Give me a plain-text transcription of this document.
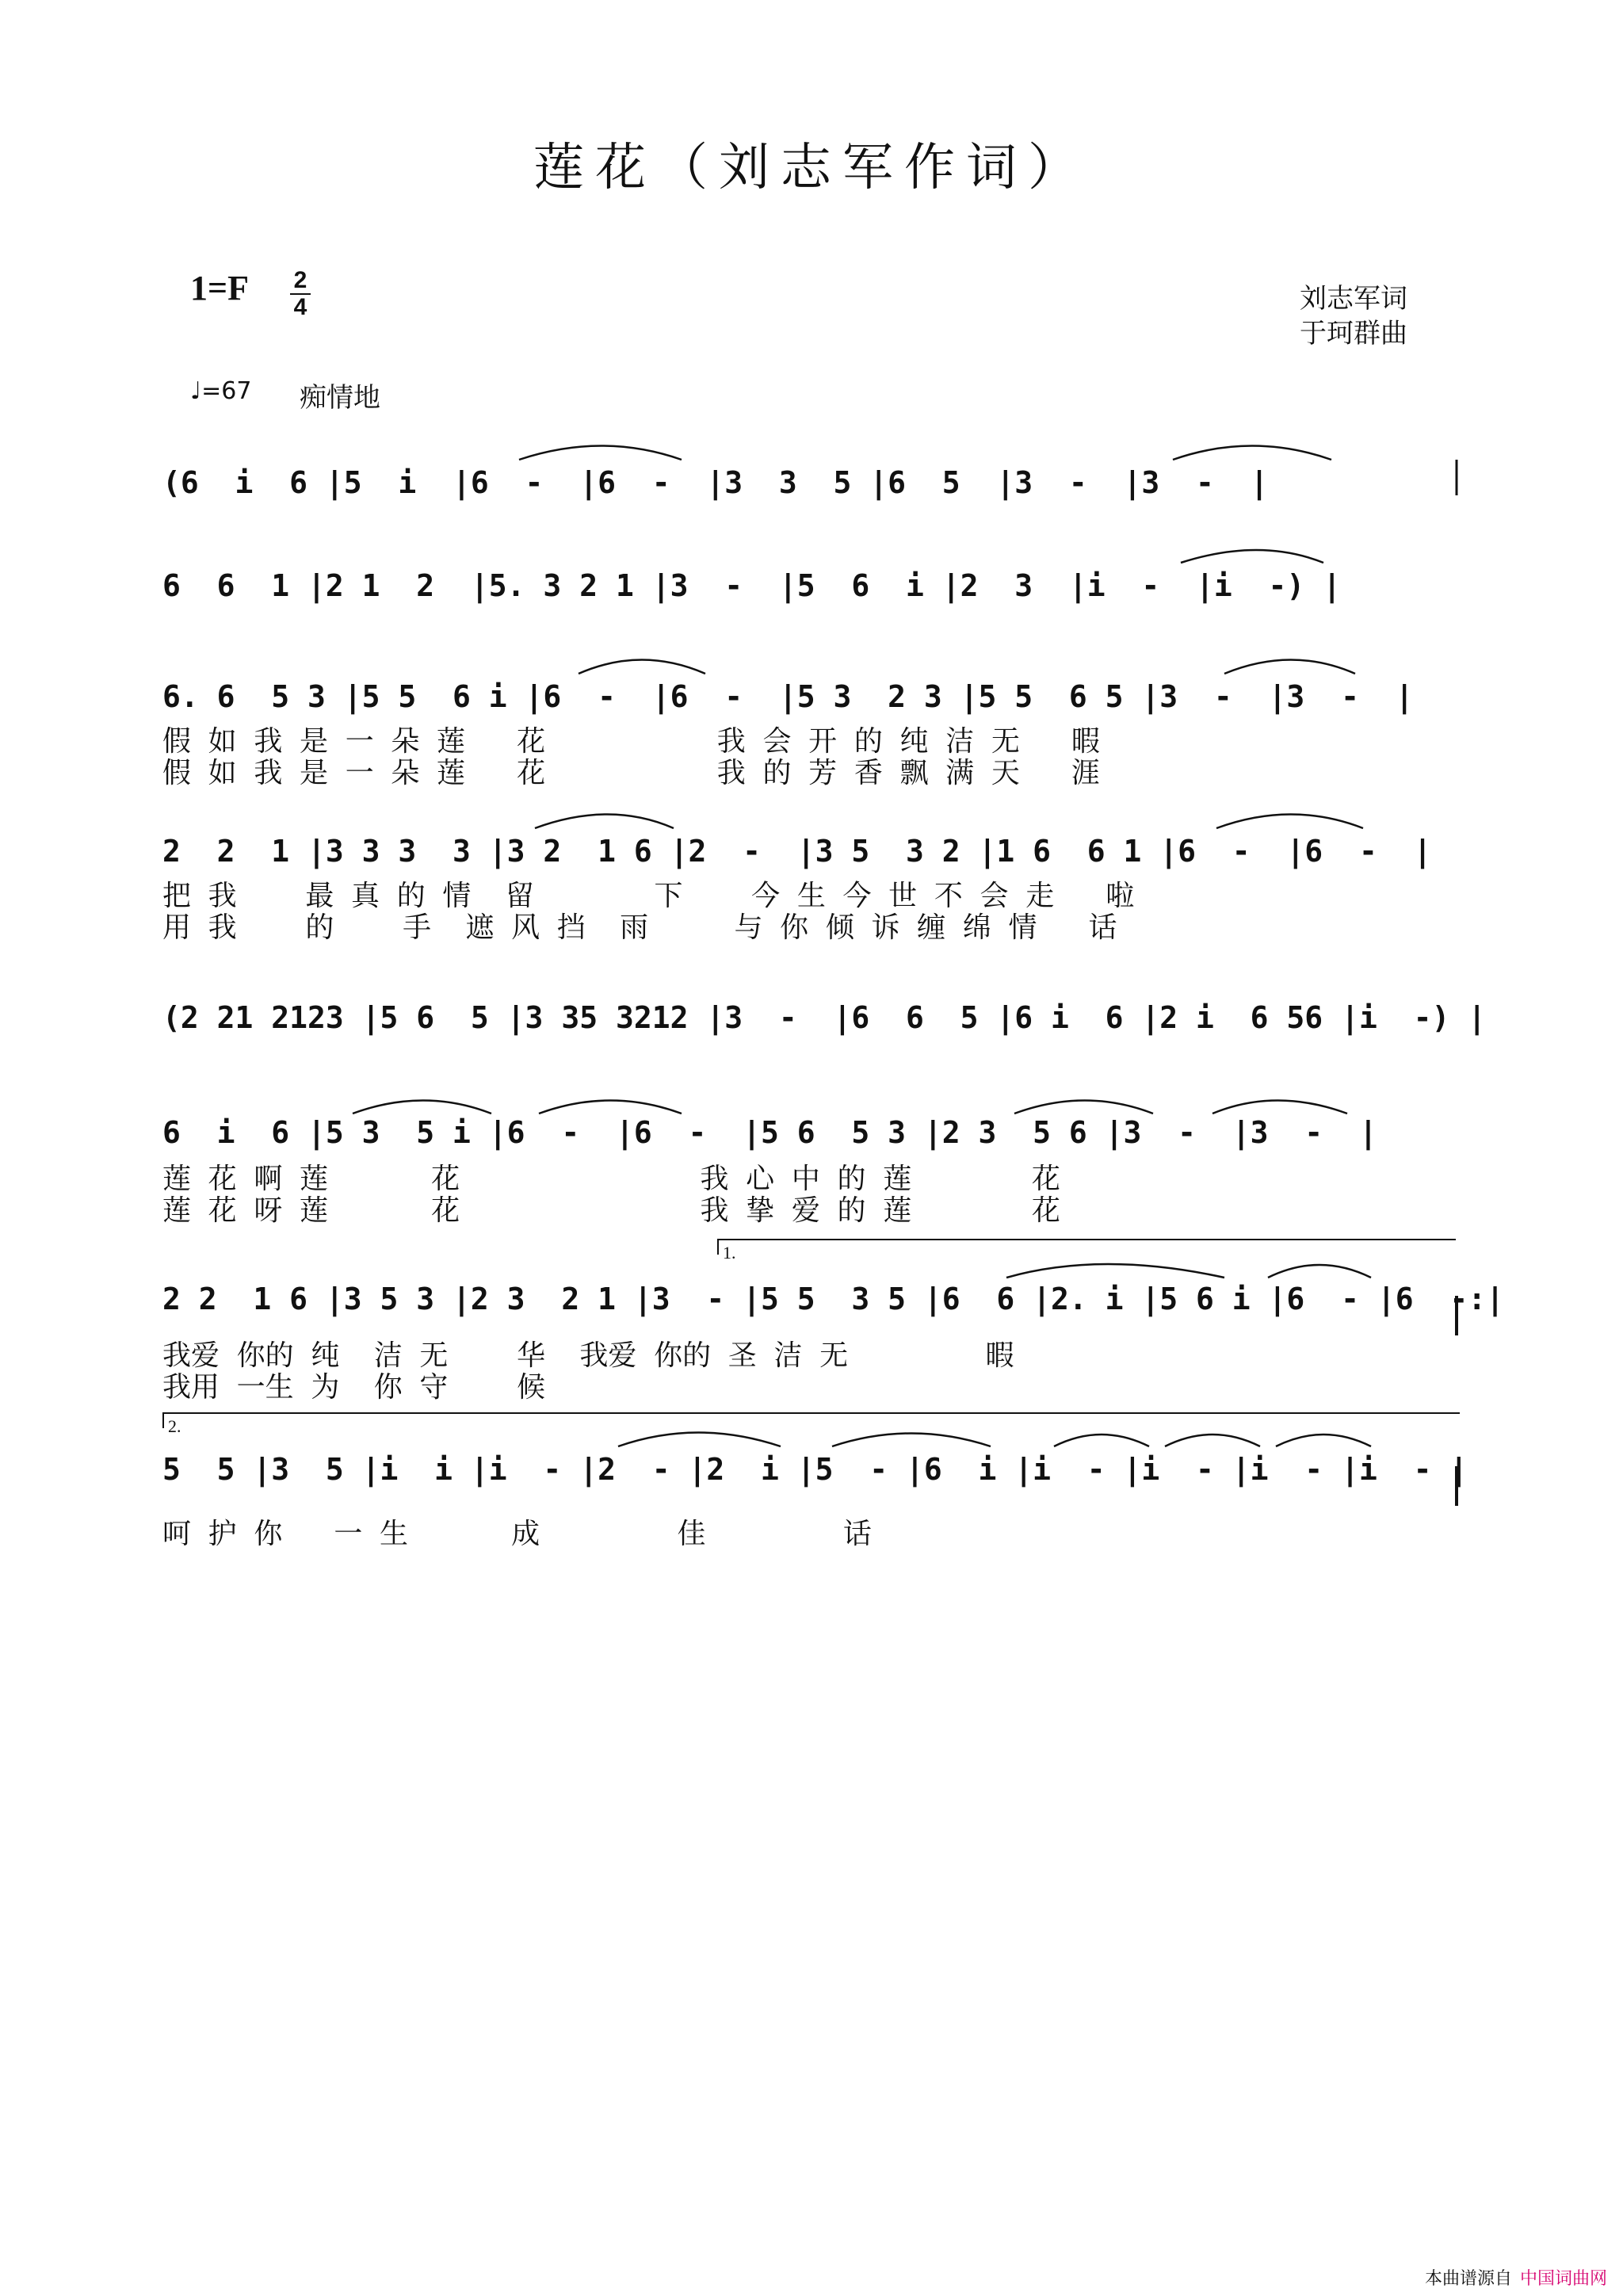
莲花（刘志军作词）
1=F 2
4	刘志军词
于珂群曲
♩=67 痴情地
(6  i  6 |5  i  |6  -  |6  -  |3  3  5 |6  5  |3  -  |3  -  |
6  6  1 |2 1  2  |5. 3 2 1 |3  -  |5  6  i |2  3  |i  -  |i  -) |
6. 6  5 3 |5 5  6 i |6  -  |6  -  |5 3  2 3 |5 5  6 5 |3  -  |3  -  |
假 如 我 是 一 朵 莲   花          我 会 开 的 纯 洁 无   暇
假 如 我 是 一 朵 莲   花          我 的 芳 香 飘 满 天   涯
2  2  1 |3 3 3  3 |3 2  1 6 |2  -  |3 5  3 2 |1 6  6 1 |6  -  |6  -  |
把 我    最 真 的 情  留       下    今 生 今 世 不 会 走   啦
用 我    的    手  遮 风 挡  雨     与 你 倾 诉 缠 绵 情   话
(2 21 2123 |5 6  5 |3 35 3212 |3  -  |6  6  5 |6 i  6 |2 i  6 56 |i  -) |
6  i  6 |5 3  5 i |6  -  |6  -  |5 6  5 3 |2 3  5 6 |3  -  |3  -  |
莲 花 啊 莲      花              我 心 中 的 莲       花
莲 花 呀 莲      花              我 挚 爱 的 莲       花
1.
2 2  1 6 |3 5 3 |2 3  2 1 |3  - |5 5  3 5 |6  6 |2. i |5 6 i |6  - |6  -:|
我爱 你的 纯  洁 无    华  我爱 你的 圣 洁 无        暇
我用 一生 为  你 守    候
2.
5  5 |3  5 |i  i |i  - |2  - |2  i |5  - |6  i |i  - |i  - |i  - |i  - |
呵 护 你   一 生      成        佳        话
本曲谱源自 中国词曲网
